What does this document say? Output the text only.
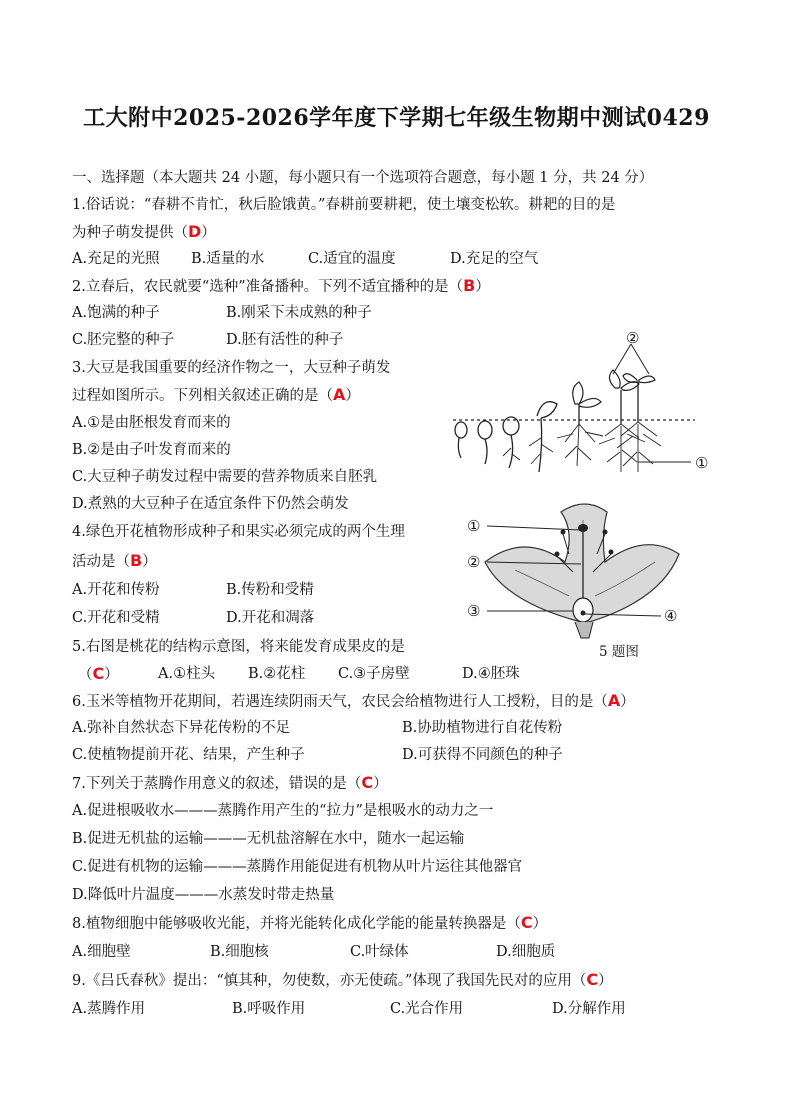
工大附中2025-2026学年度下学期七年级生物期中测试0429
一、选择题（本大题共 24 小题，每小题只有一个选项符合题意，每小题 1 分，共 24 分）
1.俗话说：“春耕不肯忙，秋后脸饿黄。”春耕前要耕耙，使土壤变松软。耕耙的目的是
为种子萌发提供（D）
A.充足的光照 B.适量的水	C.适宜的温度	D.充足的空气
2.立春后，农民就要“选种”准备播种。下列不适宜播种的是（B）
A.饱满的种子	B.刚采下未成熟的种子
C.胚完整的种子	D.胚有活性的种子
3.大豆是我国重要的经济作物之一，大豆种子萌发
过程如图所示。下列相关叙述正确的是（A）
A.①是由胚根发育而来的
B.②是由子叶发育而来的
C.大豆种子萌发过程中需要的营养物质来自胚乳
D.煮熟的大豆种子在适宜条件下仍然会萌发
②
①
4.绿色开花植物形成种子和果实必须完成的两个生理
活动是（B）
A.开花和传粉	B.传粉和受精
C.开花和受精	D.开花和凋落
①
②
③	④
5 题图
5.右图是桃花的结构示意图，将来能发育成果皮的是
（C）	A.①柱头 B.②花柱 C.③子房壁	D.④胚珠
6.玉米等植物开花期间，若遇连续阴雨天气，农民会给植物进行人工授粉，目的是（A）
A.弥补自然状态下异花传粉的不足	B.协助植物进行自花传粉
C.使植物提前开花、结果，产生种子	D.可获得不同颜色的种子
7.下列关于蒸腾作用意义的叙述，错误的是（C）
A.促进根吸收水———蒸腾作用产生的“拉力”是根吸水的动力之一
B.促进无机盐的运输———无机盐溶解在水中，随水一起运输
C.促进有机物的运输———蒸腾作用能促进有机物从叶片运往其他器官
D.降低叶片温度———水蒸发时带走热量
8.植物细胞中能够吸收光能，并将光能转化成化学能的能量转换器是（C）
A.细胞壁	B.细胞核	C.叶绿体	D.细胞质
9.《吕氏春秋》提出：“慎其种，勿使数，亦无使疏。”体现了我国先民对的应用（C）
A.蒸腾作用	B.呼吸作用	C.光合作用	D.分解作用
